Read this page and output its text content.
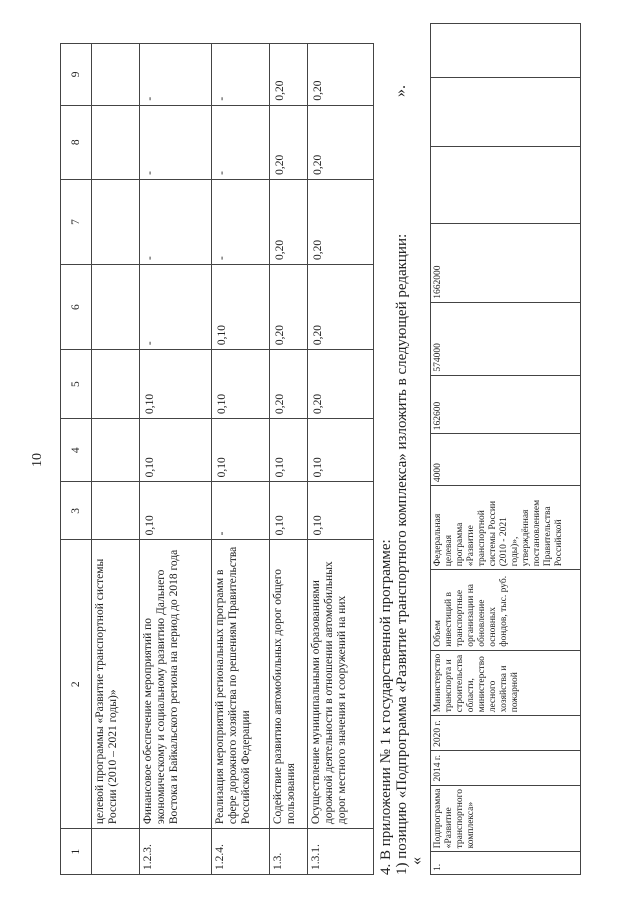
10
1	2	3	4	5	6	7	8	9
	целевой программы «Развитие транспортной системы России (2010 – 2021 годы)»							
1.2.3.	Финансовое обеспечение мероприятий по экономическому и социальному развитию Дальнего Востока и Байкальского региона на период до 2018 года	0,10	0,10	0,10	-	-	-	-
1.2.4.	Реализация мероприятий региональных программ в сфере дорожного хозяйства по решениям Правительства Российской Федерации	-	0,10	0,10	0,10	-	-	-
1.3.	Содействие развитию автомобильных дорог общего пользования	0,10	0,10	0,20	0,20	0,20	0,20	0,20
1.3.1.	Осуществление муниципальными образованиями дорожной деятельности в отношении автомобильных дорог местного значения и сооружений на них	0,10	0,10	0,20	0,20	0,20	0,20	0,20	».
4. В приложении № 1 к государственной программе: 1) позицию «Подпрограмма «Развитие транспортного комплекса» изложить в следующей редакции:
«
1.	Подпрограмма «Развитие транспортного комплекса»	2014 г.	2020 г.	Министерство транспорта и строительства области, министерство лесного хозяйства и пожарной	Объем инвестиций в транспортные организации на обновление основных фондов, тыс. руб.	Федеральная целевая программа «Развитие транспортной системы России (2010 - 2021 годы)», утверждённая постановлением Правительства Российской	4000	162600	574000	1662000			
